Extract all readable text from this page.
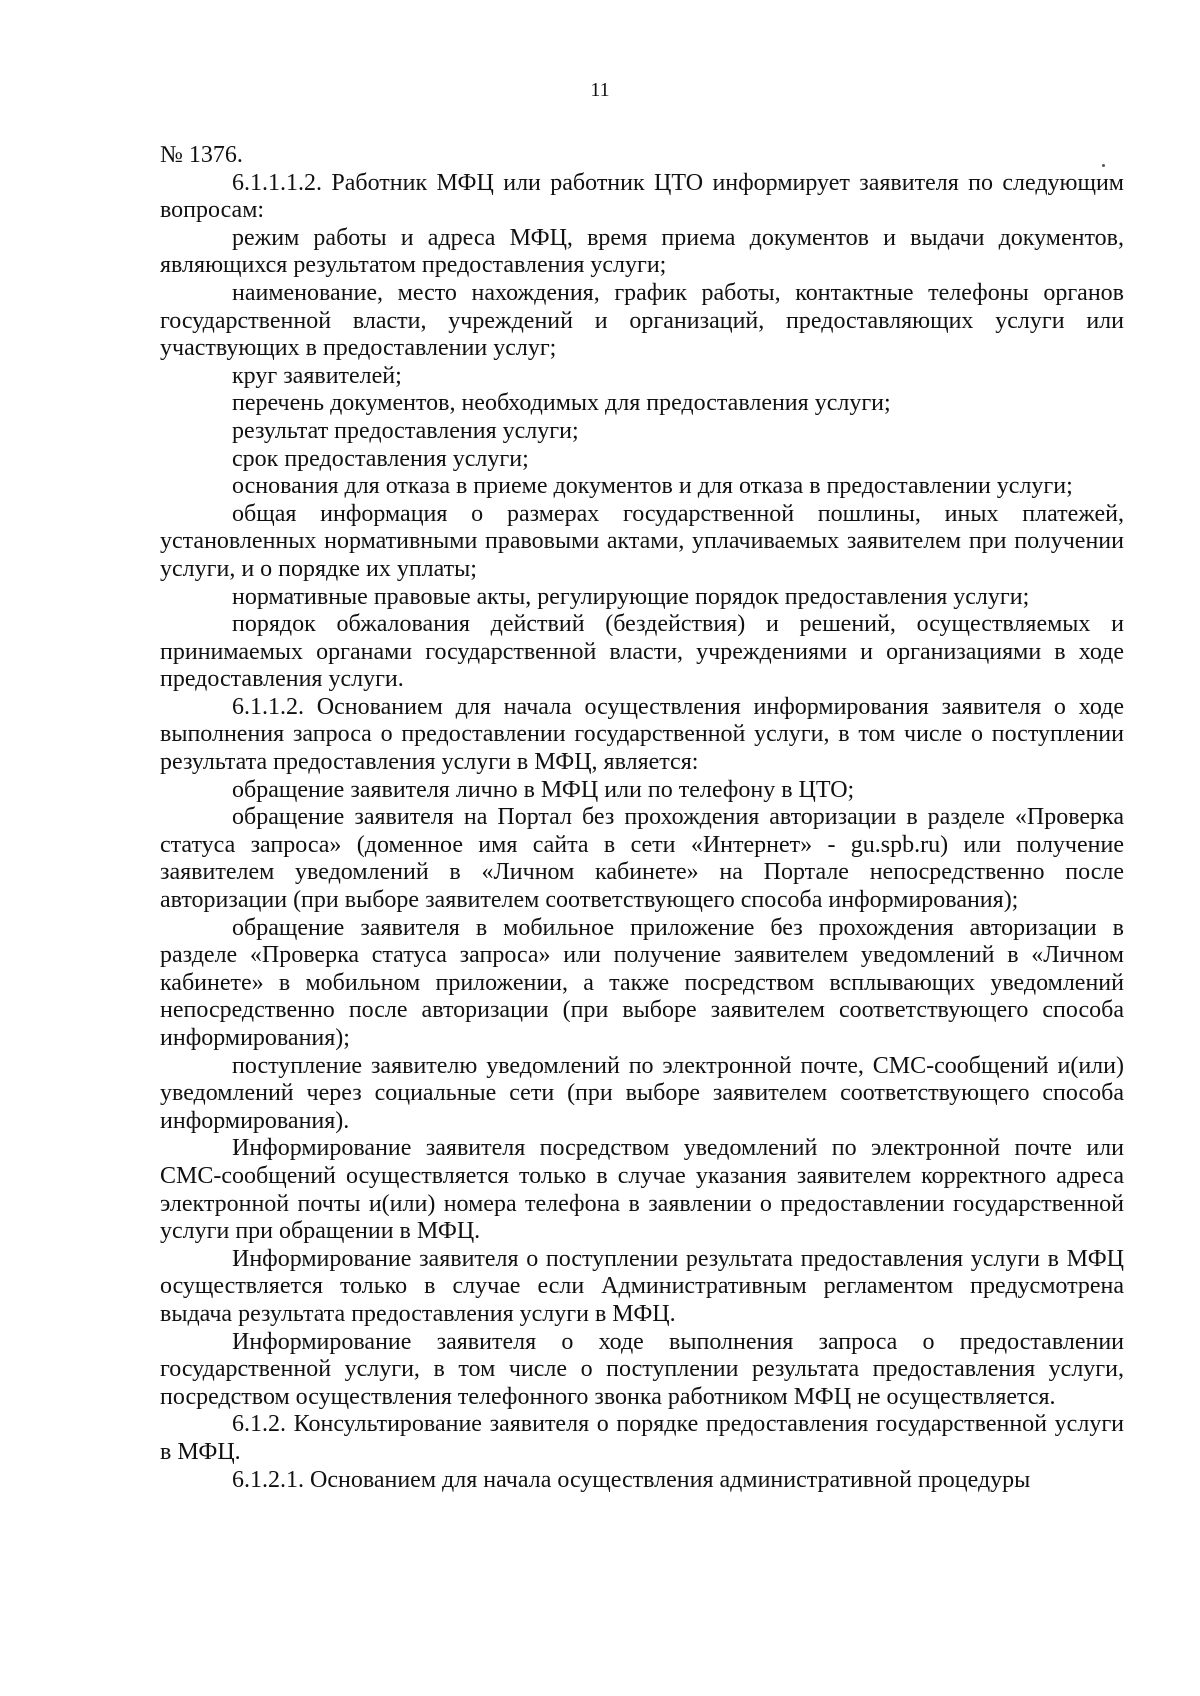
11

№ 1376.

6.1.1.1.2. Работник МФЦ или работник ЦТО информирует заявителя по следующим вопросам:

режим работы и адреса МФЦ, время приема документов и выдачи документов, являющихся результатом предоставления услуги;

наименование, место нахождения, график работы, контактные телефоны органов государственной власти, учреждений и организаций, предоставляющих услуги или участвующих в предоставлении услуг;

круг заявителей;

перечень документов, необходимых для предоставления услуги;

результат предоставления услуги;

срок предоставления услуги;

основания для отказа в приеме документов и для отказа в предоставлении услуги;

общая информация о размерах государственной пошлины, иных платежей, установленных нормативными правовыми актами, уплачиваемых заявителем при получении услуги, и о порядке их уплаты;

нормативные правовые акты, регулирующие порядок предоставления услуги;

порядок обжалования действий (бездействия) и решений, осуществляемых и принимаемых органами государственной власти, учреждениями и организациями в ходе предоставления услуги.

6.1.1.2. Основанием для начала осуществления информирования заявителя о ходе выполнения запроса о предоставлении государственной услуги, в том числе о поступлении результата предоставления услуги в МФЦ, является:

обращение заявителя лично в МФЦ или по телефону в ЦТО;

обращение заявителя на Портал без прохождения авторизации в разделе «Проверка статуса запроса» (доменное имя сайта в сети «Интернет» - gu.spb.ru) или получение заявителем уведомлений в «Личном кабинете» на Портале непосредственно после авторизации (при выборе заявителем соответствующего способа информирования);

обращение заявителя в мобильное приложение без прохождения авторизации в разделе «Проверка статуса запроса» или получение заявителем уведомлений в «Личном кабинете» в мобильном приложении, а также посредством всплывающих уведомлений непосредственно после авторизации (при выборе заявителем соответствующего способа информирования);

поступление заявителю уведомлений по электронной почте, СМС-сообщений и(или) уведомлений через социальные сети (при выборе заявителем соответствующего способа информирования).

Информирование заявителя посредством уведомлений по электронной почте или СМС-сообщений осуществляется только в случае указания заявителем корректного адреса электронной почты и(или) номера телефона в заявлении о предоставлении государственной услуги при обращении в МФЦ.

Информирование заявителя о поступлении результата предоставления услуги в МФЦ осуществляется только в случае если Административным регламентом предусмотрена выдача результата предоставления услуги в МФЦ.

Информирование заявителя о ходе выполнения запроса о предоставлении государственной услуги, в том числе о поступлении результата предоставления услуги, посредством осуществления телефонного звонка работником МФЦ не осуществляется.

6.1.2. Консультирование заявителя о порядке предоставления государственной услуги в МФЦ.

6.1.2.1. Основанием для начала осуществления административной процедуры
